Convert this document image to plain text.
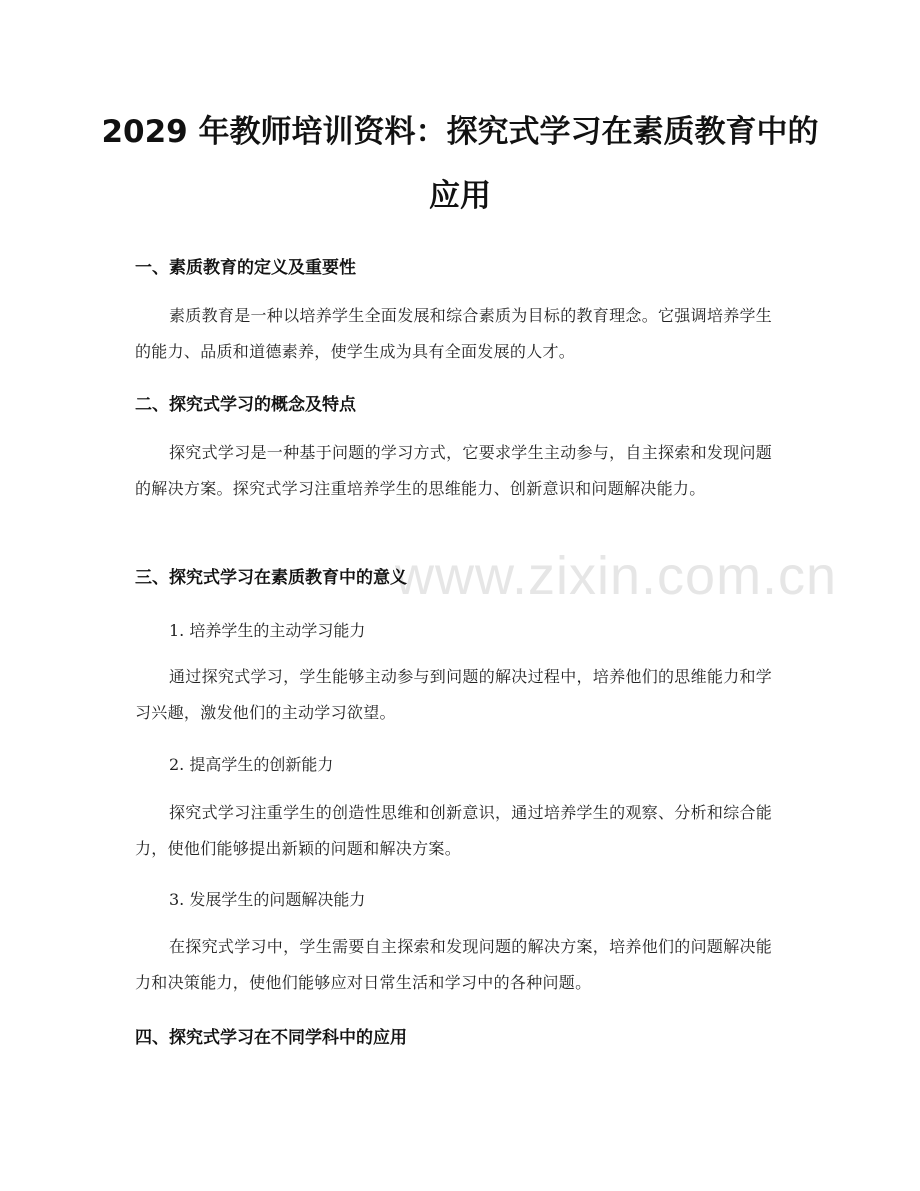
www.zixin.com.cn
2029 年教师培训资料：探究式学习在素质教育中的应用
一、素质教育的定义及重要性

素质教育是一种以培养学生全面发展和综合素质为目标的教育理念。它强调培养学生的能力、品质和道德素养，使学生成为具有全面发展的人才。

二、探究式学习的概念及特点

探究式学习是一种基于问题的学习方式，它要求学生主动参与，自主探索和发现问题的解决方案。探究式学习注重培养学生的思维能力、创新意识和问题解决能力。

三、探究式学习在素质教育中的意义
1. 培养学生的主动学习能力

通过探究式学习，学生能够主动参与到问题的解决过程中，培养他们的思维能力和学习兴趣，激发他们的主动学习欲望。

2. 提高学生的创新能力

探究式学习注重学生的创造性思维和创新意识，通过培养学生的观察、分析和综合能力，使他们能够提出新颖的问题和解决方案。

3. 发展学生的问题解决能力

在探究式学习中，学生需要自主探索和发现问题的解决方案，培养他们的问题解决能力和决策能力，使他们能够应对日常生活和学习中的各种问题。

四、探究式学习在不同学科中的应用
